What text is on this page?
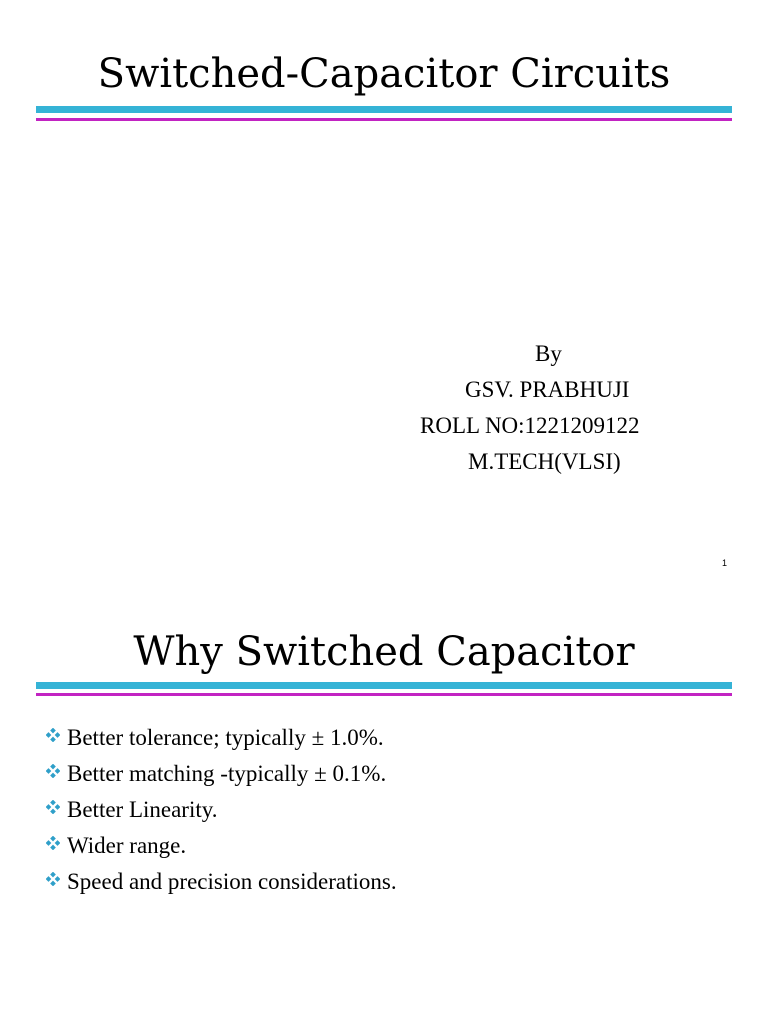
Switched-Capacitor Circuits
By
GSV. PRABHUJI
ROLL NO:1221209122
M.TECH(VLSI)
1
Why Switched Capacitor
Better tolerance; typically ± 1.0%.
Better matching -typically ± 0.1%.
Better Linearity.
Wider range.
Speed and precision considerations.
